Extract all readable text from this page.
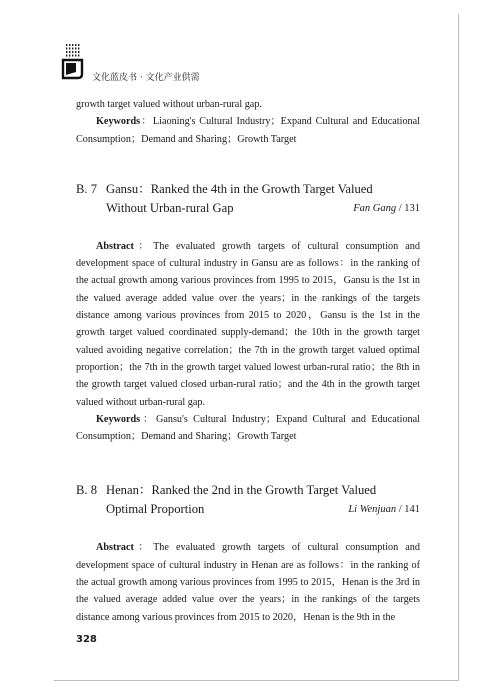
文化蓝皮书 · 文化产业供需

growth target valued without urban-rural gap.

Keywords：Liaoning's Cultural Industry；Expand Cultural and Educational Consumption；Demand and Sharing；Growth Target

B. 7 Gansu：Ranked the 4th in the Growth Target Valued
Without Urban-rural Gap	Fan Gang / 131

Abstract：The evaluated growth targets of cultural consumption and development space of cultural industry in Gansu are as follows：in the ranking of the actual growth among various provinces from 1995 to 2015，Gansu is the 1st in the valued average added value over the years；in the rankings of the targets distance among various provinces from 2015 to 2020，Gansu is the 1st in the growth target valued coordinated supply-demand；the 10th in the growth target valued avoiding negative correlation；the 7th in the growth target valued optimal proportion；the 7th in the growth target valued lowest urban-rural ratio；the 8th in the growth target valued closed urban-rural ratio；and the 4th in the growth target valued without urban-rural gap.

Keywords：Gansu's Cultural Industry；Expand Cultural and Educational Consumption；Demand and Sharing；Growth Target

B. 8 Henan：Ranked the 2nd in the Growth Target Valued
Optimal Proportion	Li Wenjuan / 141

Abstract：The evaluated growth targets of cultural consumption and development space of cultural industry in Henan are as follows：in the ranking of the actual growth among various provinces from 1995 to 2015，Henan is the 3rd in the valued average added value over the years；in the rankings of the targets distance among various provinces from 2015 to 2020，Henan is the 9th in the

328
